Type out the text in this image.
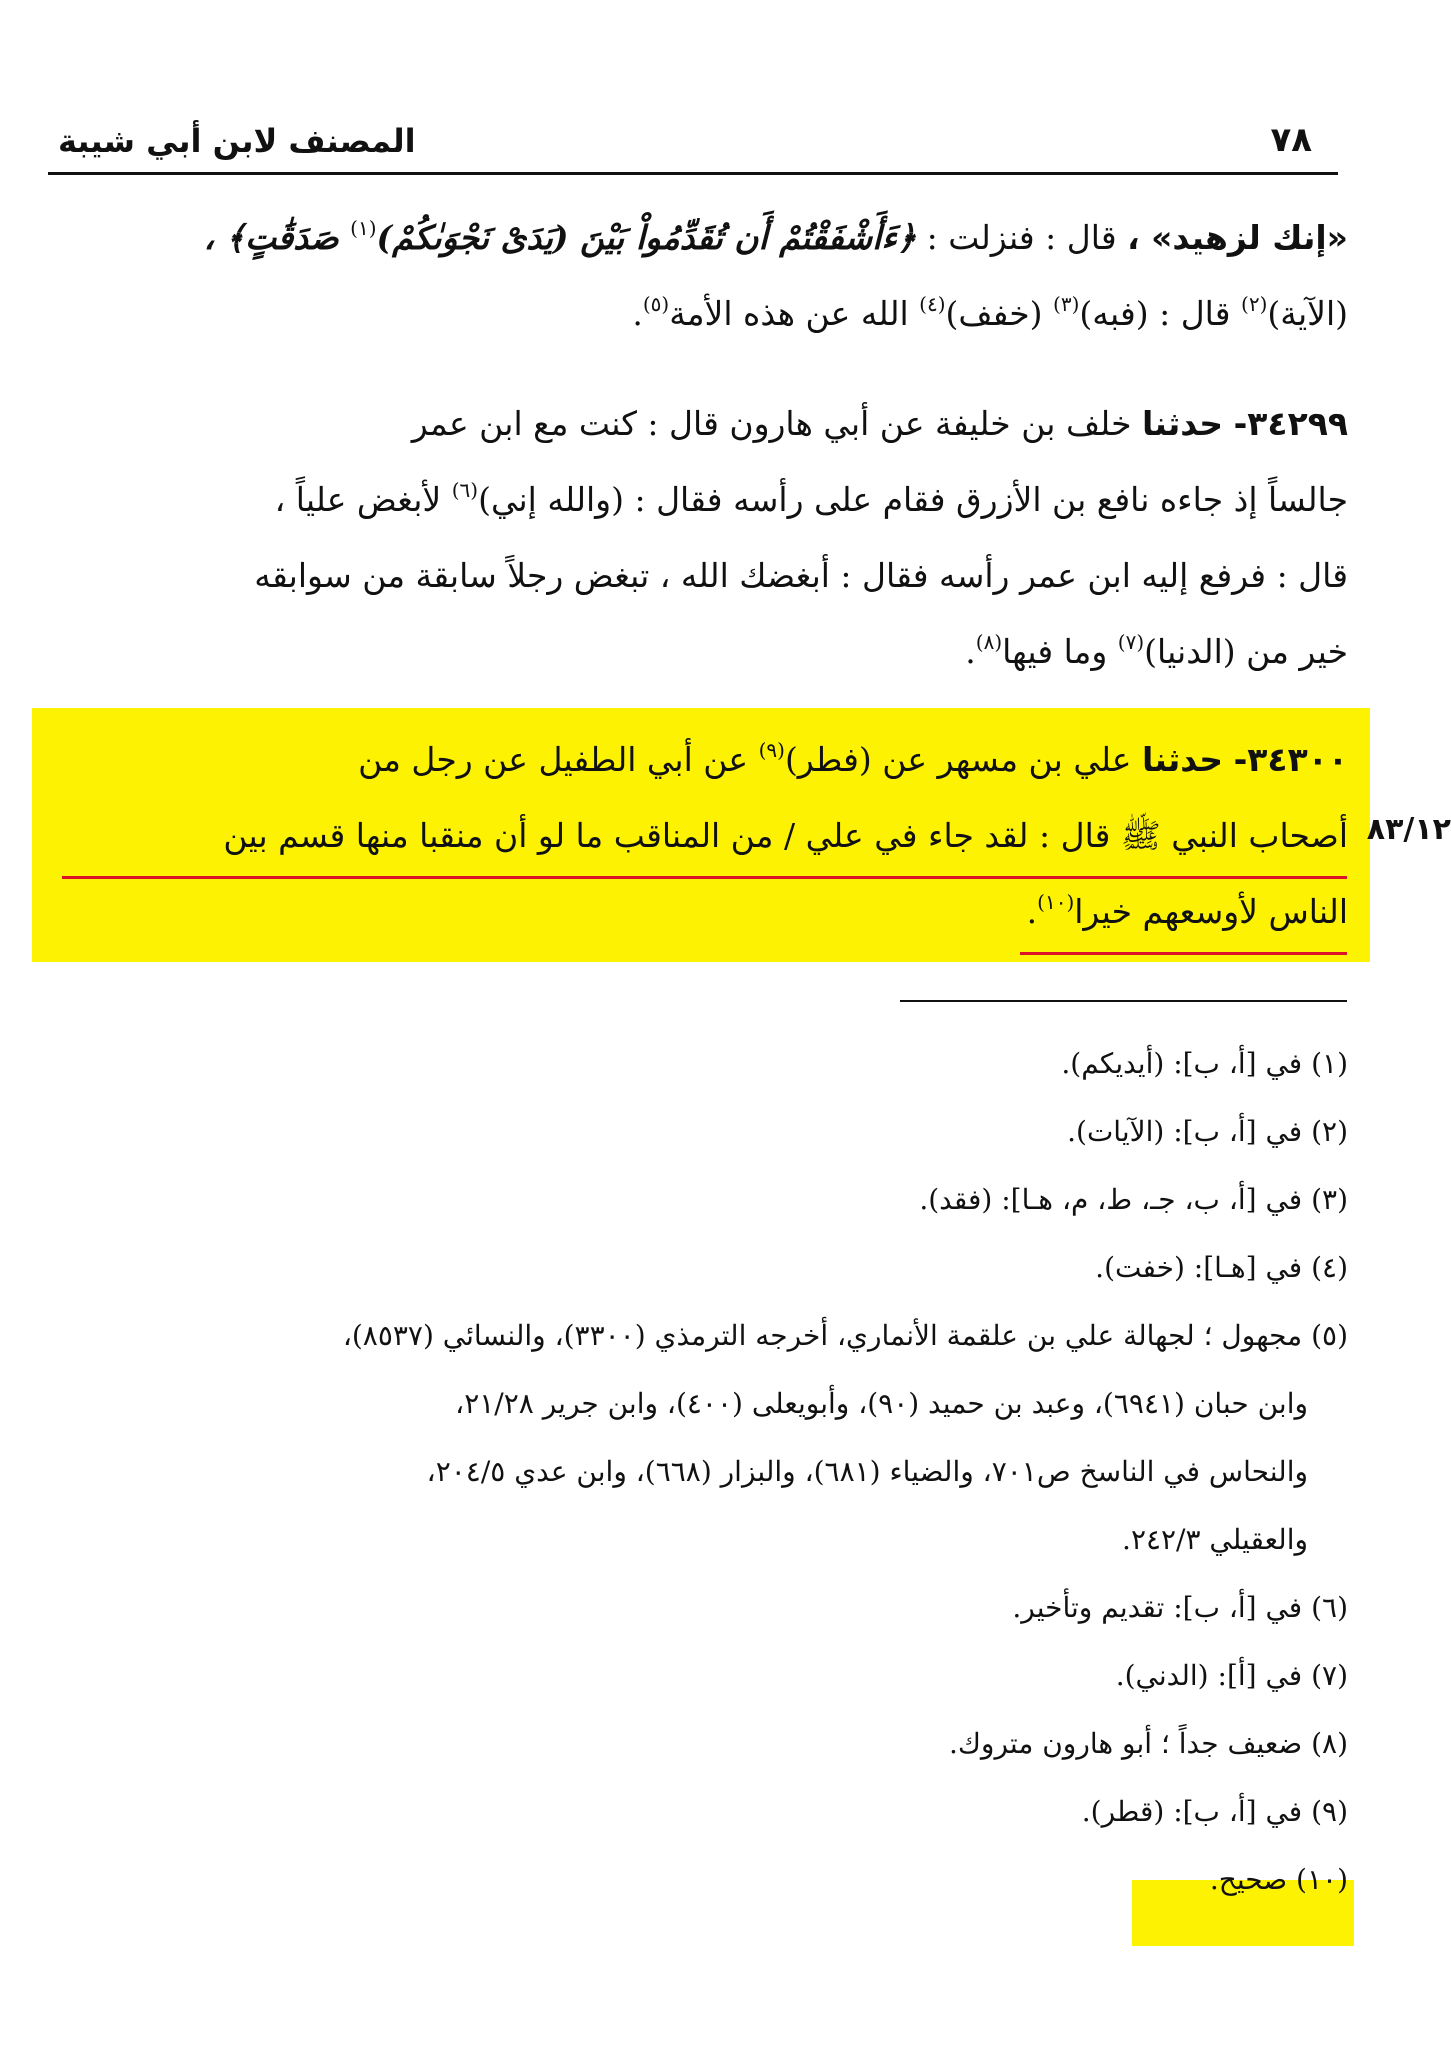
٧٨
المصنف لابن أبي شيبة
«إنك لزهيد» ، قال : فنزلت : ﴿ءَأَشْفَقْتُمْ أَن تُقَدِّمُواْ بَيْنَ (يَدَىْ نَجْوَىٰكُمْ)$^{(١)}$ صَدَقَٰتٍ﴾ ،
(الآية)$^{(٢)}$ قال : (فبه)$^{(٣)}$ (خفف)$^{(٤)}$ الله عن هذه الأمة$^{(٥)}$.
٣٤٢٩٩- حدثنا خلف بن خليفة عن أبي هارون قال : كنت مع ابن عمر
جالساً إذ جاءه نافع بن الأزرق فقام على رأسه فقال : (والله إني)$^{(٦)}$ لأبغض علياً ،
قال : فرفع إليه ابن عمر رأسه فقال : أبغضك الله ، تبغض رجلاً سابقة من سوابقه
خير من (الدنيا)$^{(٧)}$ وما فيها$^{(٨)}$.
٣٤٣٠٠- حدثنا علي بن مسهر عن (فطر)$^{(٩)}$ عن أبي الطفيل عن رجل من
أصحاب النبي ﷺ قال : لقد جاء في علي / من المناقب ما لو أن منقبا منها قسم بين
الناس لأوسعهم خيرا$^{(١٠)}$.
٨٣/١٢
(١) في [أ، ب]: (أيديكم).
(٢) في [أ، ب]: (الآيات).
(٣) في [أ، ب، جـ، ط، م، هـا]: (فقد).
(٤) في [هـا]: (خفت).
(٥) مجهول ؛ لجهالة علي بن علقمة الأنماري، أخرجه الترمذي (٣٣٠٠)، والنسائي (٨٥٣٧)،
وابن حبان (٦٩٤١)، وعبد بن حميد (٩٠)، وأبويعلى (٤٠٠)، وابن جرير ٢١/٢٨،
والنحاس في الناسخ ص٧٠١، والضياء (٦٨١)، والبزار (٦٦٨)، وابن عدي ٢٠٤/٥،
والعقيلي ٢٤٢/٣.
(٦) في [أ، ب]: تقديم وتأخير.
(٧) في [أ]: (الدني).
(٨) ضعيف جداً ؛ أبو هارون متروك.
(٩) في [أ، ب]: (قطر).
(١٠) صحيح.
